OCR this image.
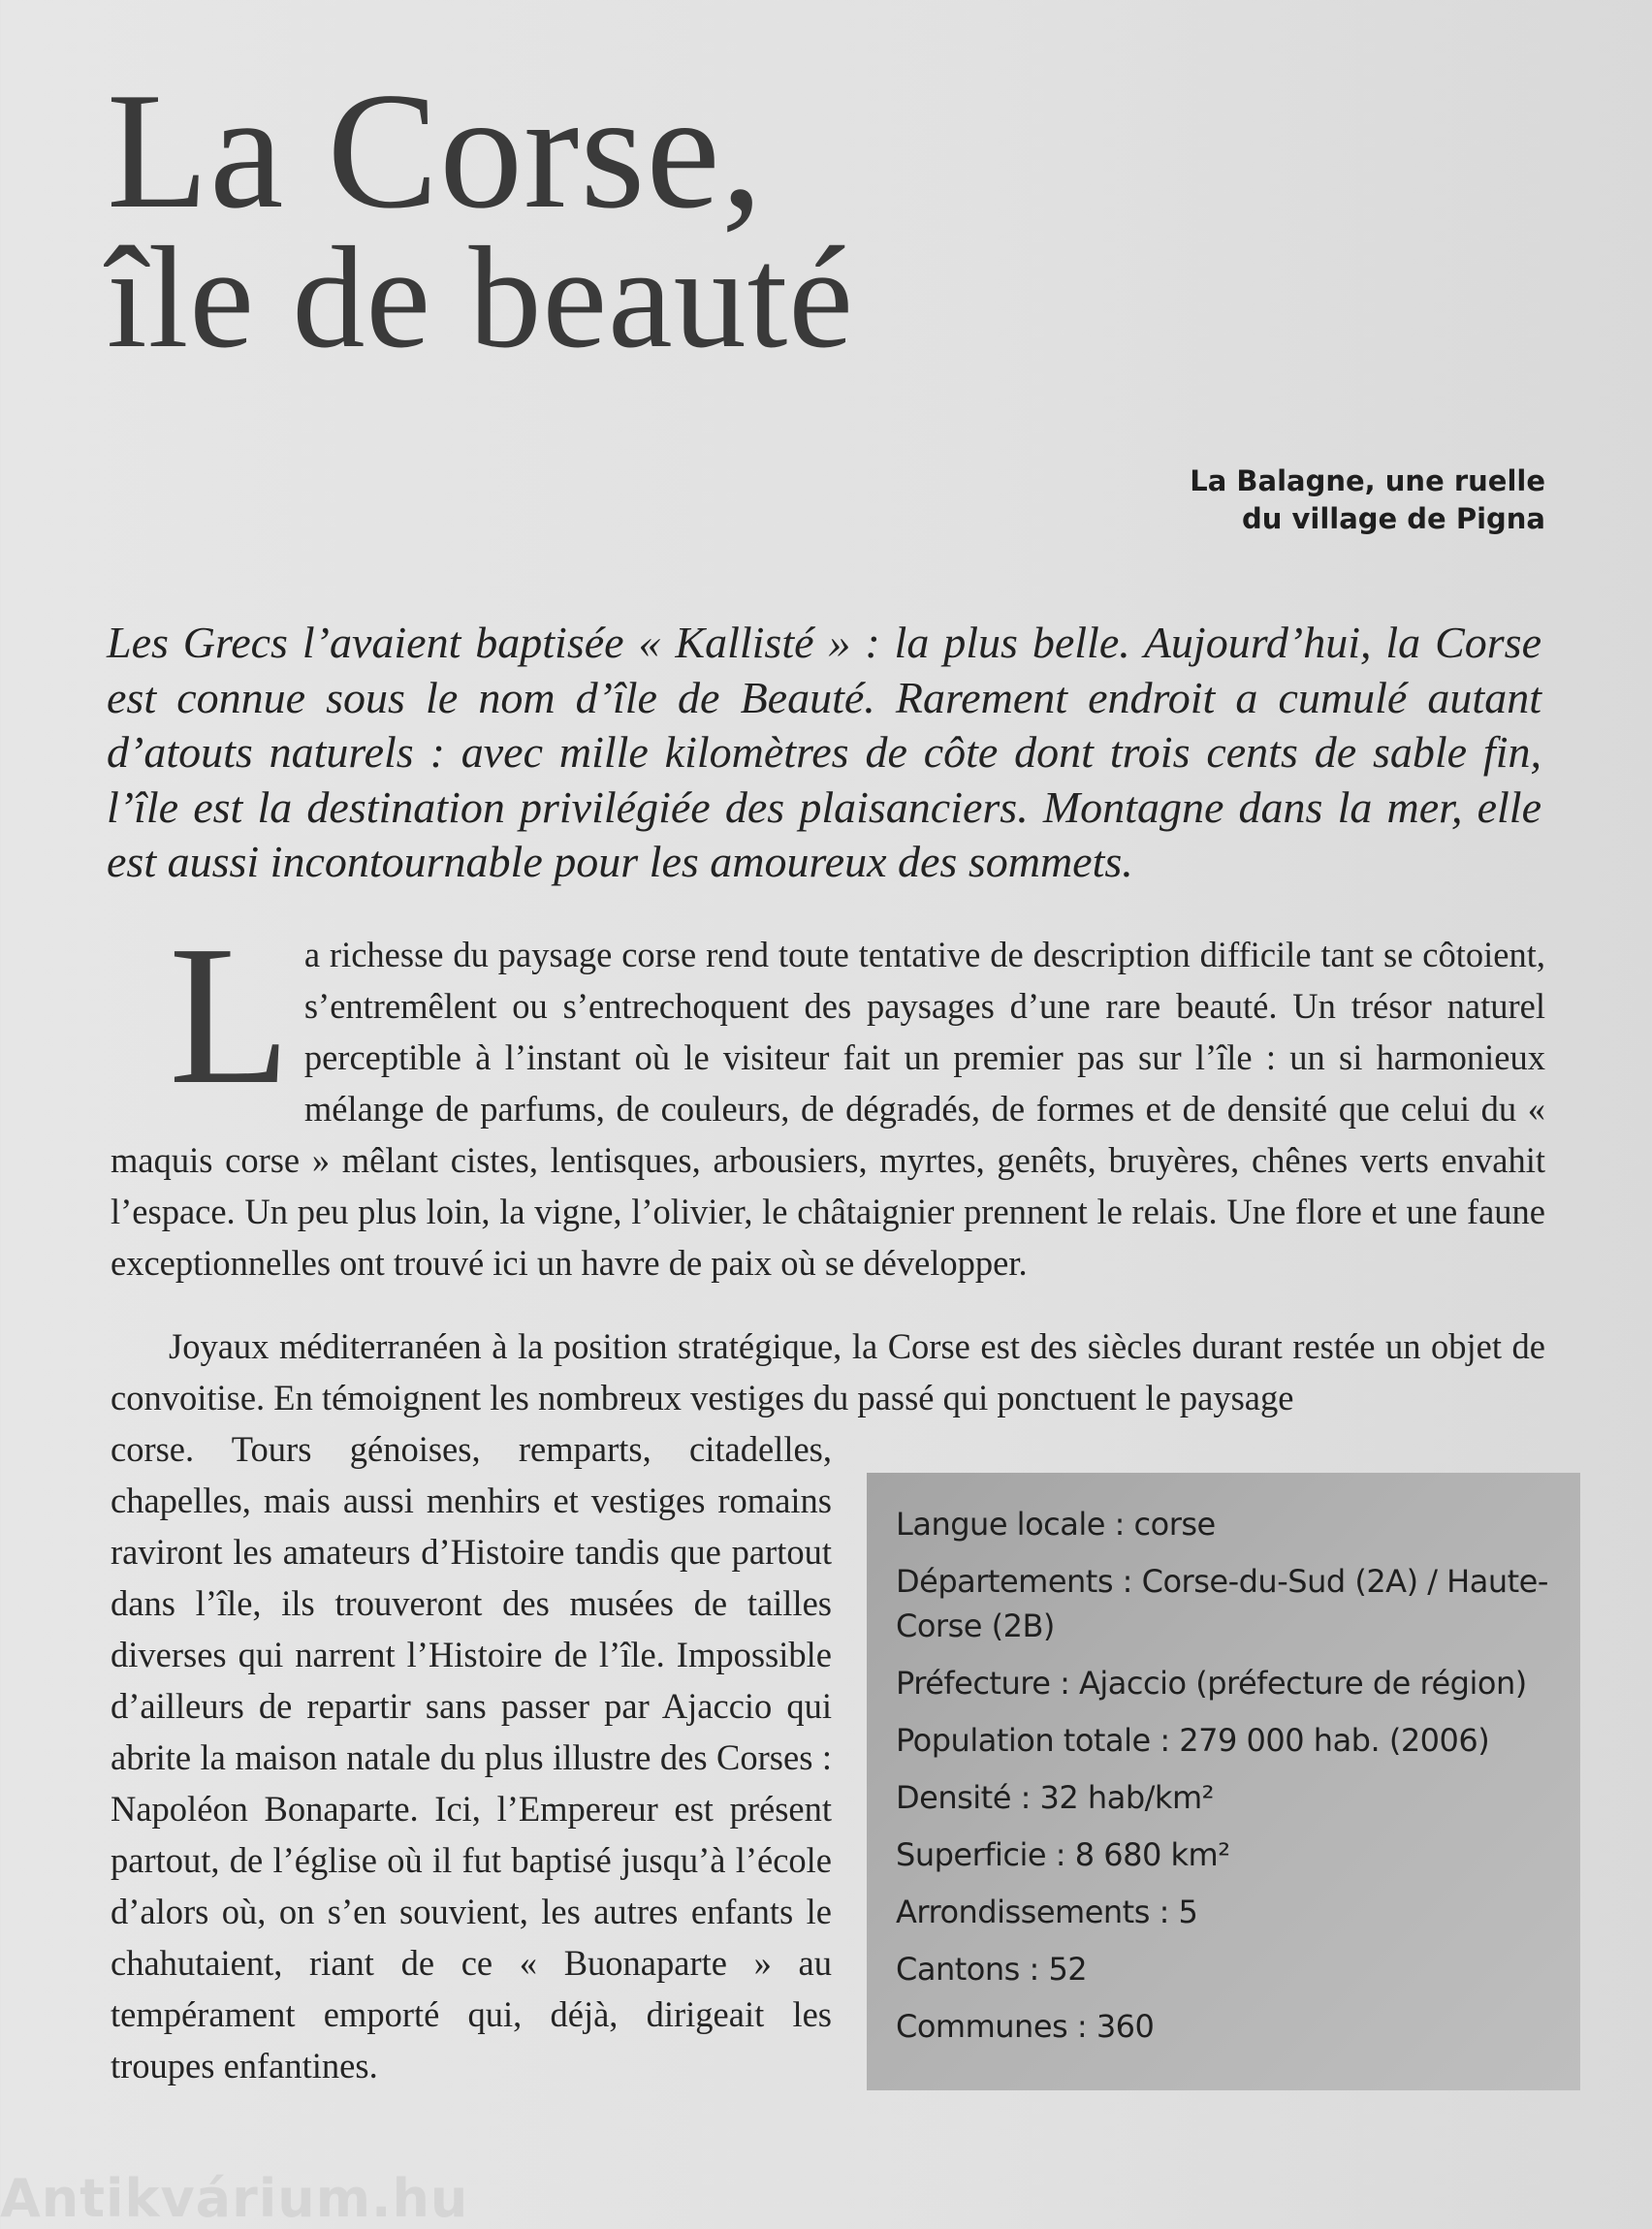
La Corse,
île de beauté
La Balagne, une ruelle
du village de Pigna

Les Grecs l’avaient baptisée « Kallisté » : la plus belle. Aujourd’hui, la Corse est connue sous le nom d’île de Beauté. Rarement endroit a cumulé autant d’atouts naturels : avec mille kilomètres de côte dont trois cents de sable fin, l’île est la destination privilégiée des plaisanciers. Montagne dans la mer, elle est aussi incontournable pour les amoureux des sommets.

La richesse du paysage corse rend toute tentative de description difficile tant se côtoient, s’entremêlent ou s’entrechoquent des paysages d’une rare beauté. Un trésor naturel perceptible à l’instant où le visiteur fait un premier pas sur l’île : un si harmonieux mélange de parfums, de couleurs, de dégradés, de formes et de densité que celui du « maquis corse » mêlant cistes, lentisques, arbousiers, myrtes, genêts, bruyères, chênes verts envahit l’espace. Un peu plus loin, la vigne, l’olivier, le châtaignier prennent le relais. Une flore et une faune exceptionnelles ont trouvé ici un havre de paix où se développer.

Joyaux méditerranéen à la position stratégique, la Corse est des siècles durant restée un objet de convoitise. En témoignent les nombreux vestiges du passé qui ponctuent le paysage

corse. Tours génoises, remparts, citadelles, chapelles, mais aussi menhirs et vestiges romains raviront les amateurs d’Histoire tandis que partout dans l’île, ils trouveront des musées de tailles diverses qui narrent l’Histoire de l’île. Impossible d’ailleurs de repartir sans passer par Ajaccio qui abrite la maison natale du plus illustre des Corses : Napoléon Bonaparte. Ici, l’Empereur est présent partout, de l’église où il fut baptisé jusqu’à l’école d’alors où, on s’en souvient, les autres enfants le chahutaient, riant de ce « Buonaparte » au tempérament emporté qui, déjà, dirigeait les troupes enfantines.

Langue locale : corse
Départements : Corse-du-Sud (2A) / Haute-Corse (2B)
Préfecture : Ajaccio (préfecture de région)
Population totale : 279 000 hab. (2006)
Densité : 32 hab/km²
Superficie : 8 680 km²
Arrondissements : 5
Cantons : 52
Communes : 360
Antikvárium.hu
